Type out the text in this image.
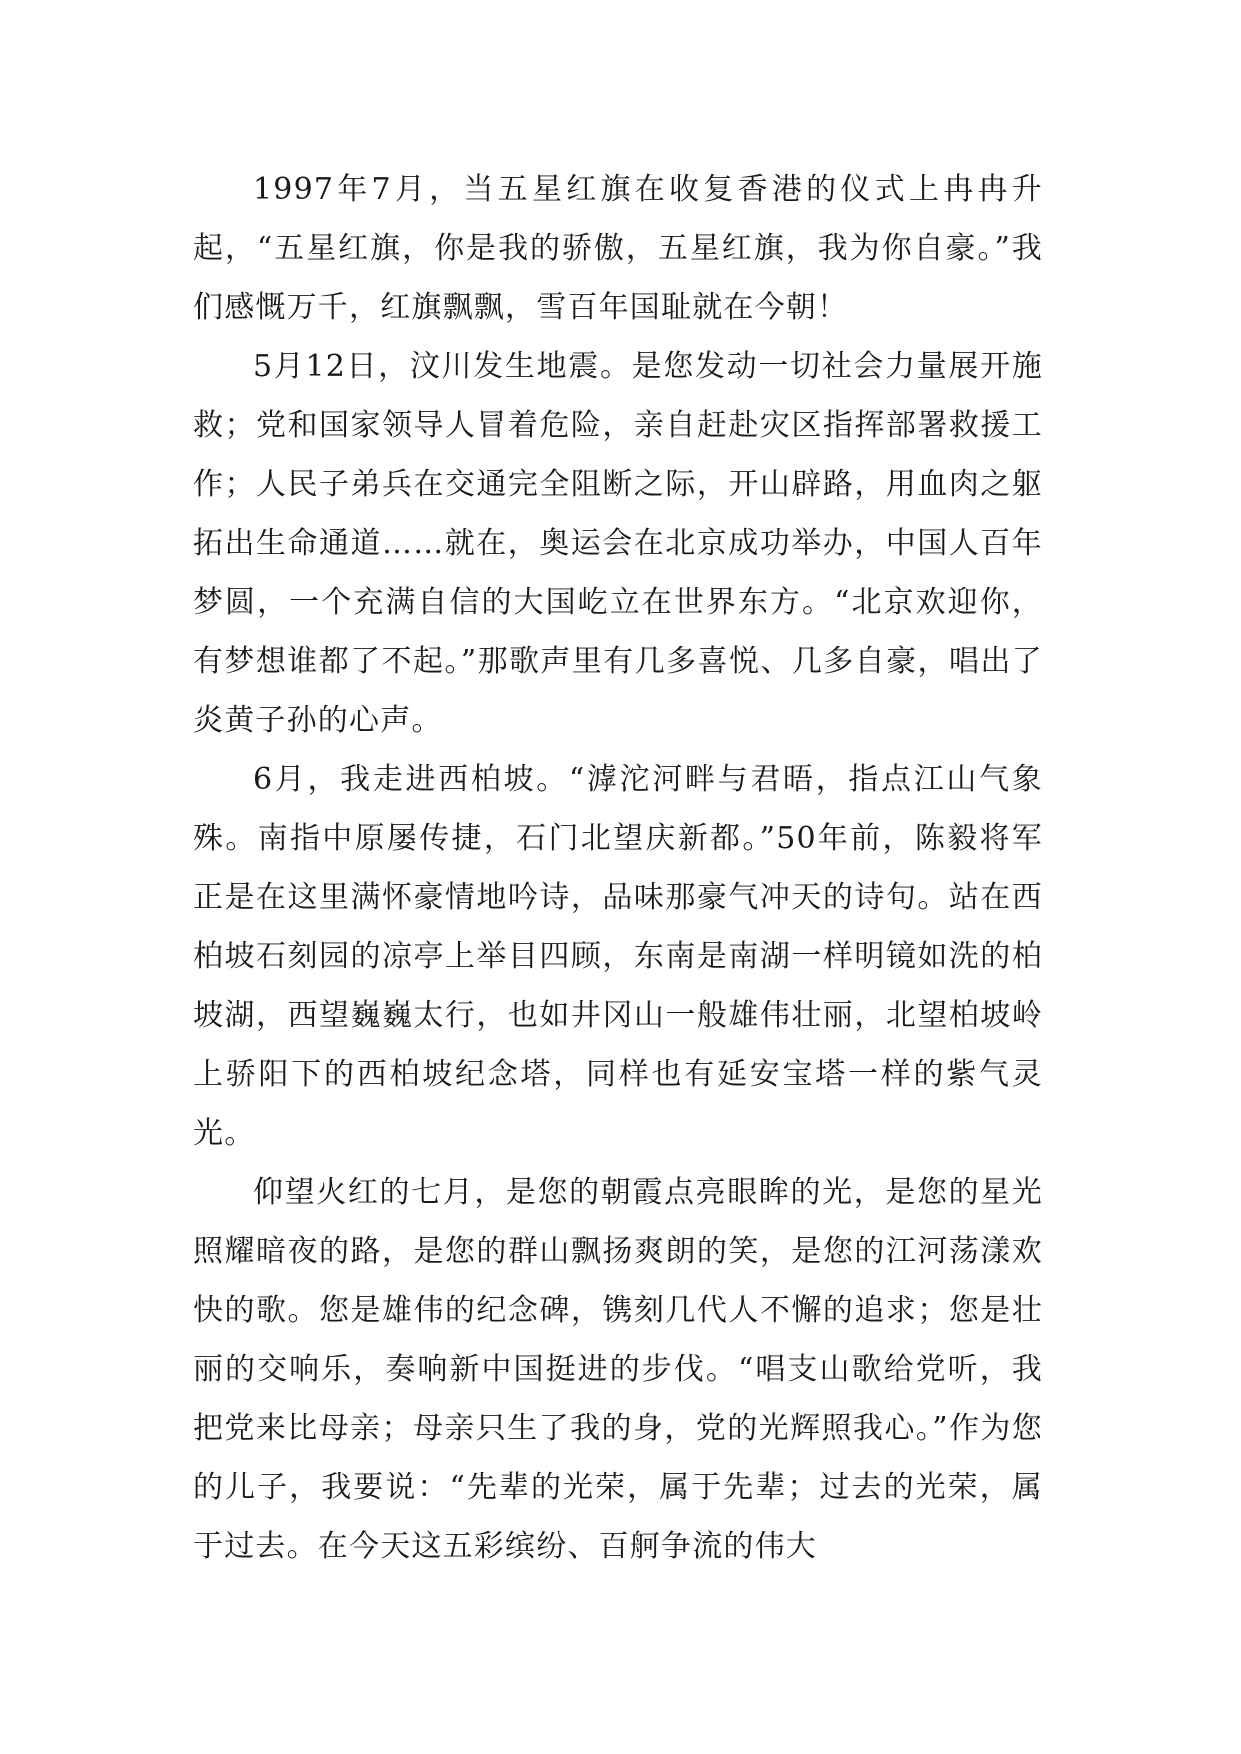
1997年7月，当五星红旗在收复香港的仪式上冉冉升起，“五星红旗，你是我的骄傲，五星红旗，我为你自豪。”我们感慨万千，红旗飘飘，雪百年国耻就在今朝！

5月12日，汶川发生地震。是您发动一切社会力量展开施救；党和国家领导人冒着危险，亲自赶赴灾区指挥部署救援工作；人民子弟兵在交通完全阻断之际，开山辟路，用血肉之躯拓出生命通道……就在，奥运会在北京成功举办，中国人百年梦圆，一个充满自信的大国屹立在世界东方。“北京欢迎你，有梦想谁都了不起。”那歌声里有几多喜悦、几多自豪，唱出了炎黄子孙的心声。

6月，我走进西柏坡。“滹沱河畔与君晤，指点江山气象殊。南指中原屡传捷，石门北望庆新都。”50年前，陈毅将军正是在这里满怀豪情地吟诗，品味那豪气冲天的诗句。站在西柏坡石刻园的凉亭上举目四顾，东南是南湖一样明镜如洗的柏坡湖，西望巍巍太行，也如井冈山一般雄伟壮丽，北望柏坡岭上骄阳下的西柏坡纪念塔，同样也有延安宝塔一样的紫气灵光。

仰望火红的七月，是您的朝霞点亮眼眸的光，是您的星光照耀暗夜的路，是您的群山飘扬爽朗的笑，是您的江河荡漾欢快的歌。您是雄伟的纪念碑，镌刻几代人不懈的追求；您是壮丽的交响乐，奏响新中国挺进的步伐。“唱支山歌给党听，我把党来比母亲；母亲只生了我的身，党的光辉照我心。”作为您的儿子，我要说：“先辈的光荣，属于先辈；过去的光荣，属于过去。在今天这五彩缤纷、百舸争流的伟大
